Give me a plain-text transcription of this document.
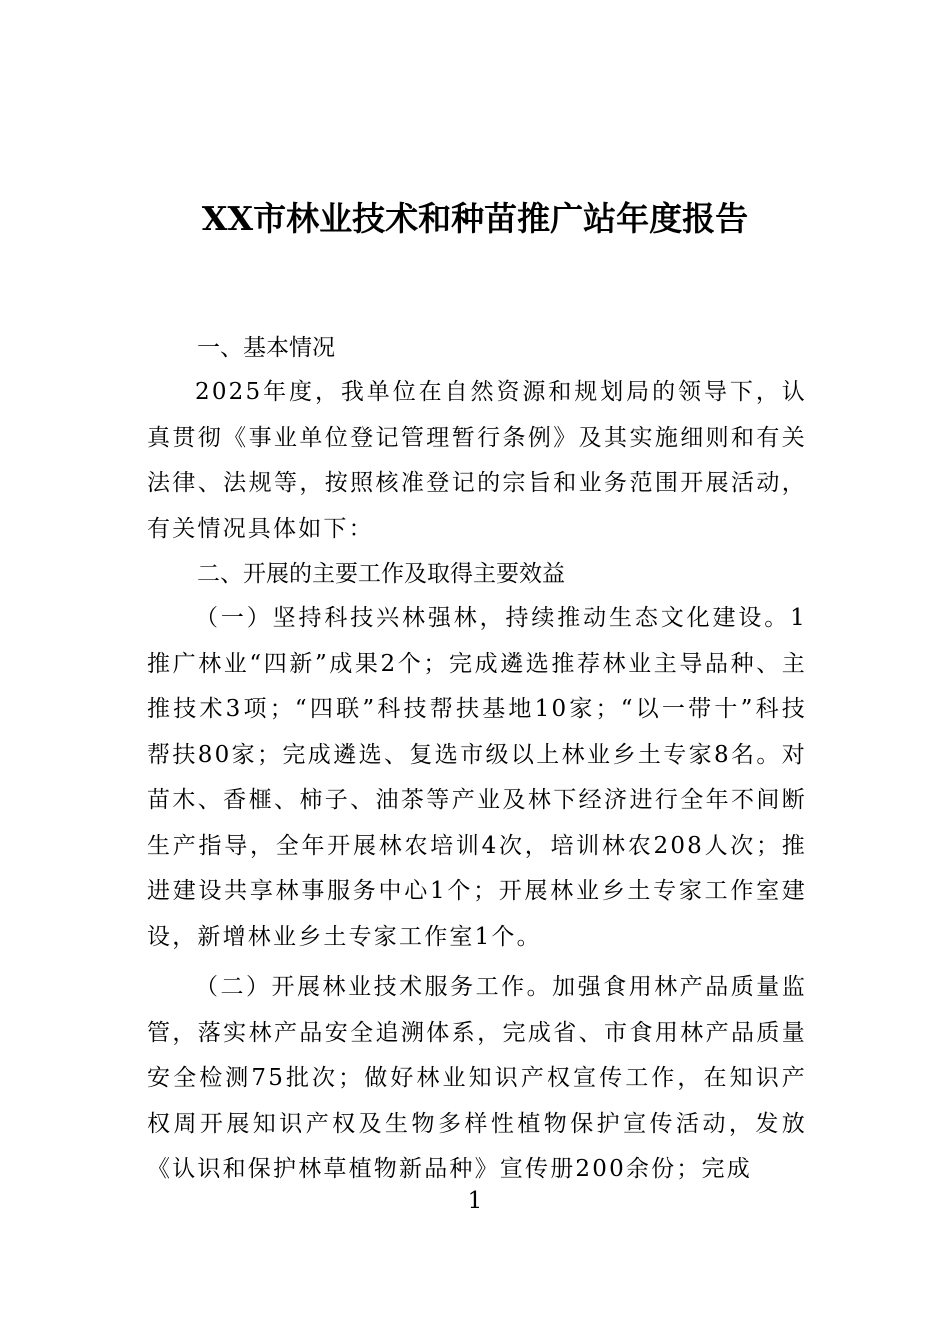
XX市林业技术和种苗推广站年度报告
一、基本情况

2025年度，我单位在自然资源和规划局的领导下，认真贯彻《事业单位登记管理暂行条例》及其实施细则和有关法律、法规等，按照核准登记的宗旨和业务范围开展活动，有关情况具体如下：

二、开展的主要工作及取得主要效益

（一）坚持科技兴林强林，持续推动生态文化建设。1推广林业“四新”成果2个；完成遴选推荐林业主导品种、主推技术3项；“四联”科技帮扶基地10家；“以一带十”科技帮扶80家；完成遴选、复选市级以上林业乡土专家8名。对苗木、香榧、柿子、油茶等产业及林下经济进行全年不间断生产指导，全年开展林农培训4次，培训林农208人次；推进建设共享林事服务中心1个；开展林业乡土专家工作室建设，新增林业乡土专家工作室1个。

（二）开展林业技术服务工作。加强食用林产品质量监管，落实林产品安全追溯体系，完成省、市食用林产品质量安全检测75批次；做好林业知识产权宣传工作，在知识产权周开展知识产权及生物多样性植物保护宣传活动，发放《认识和保护林草植物新品种》宣传册200余份；完成

1
